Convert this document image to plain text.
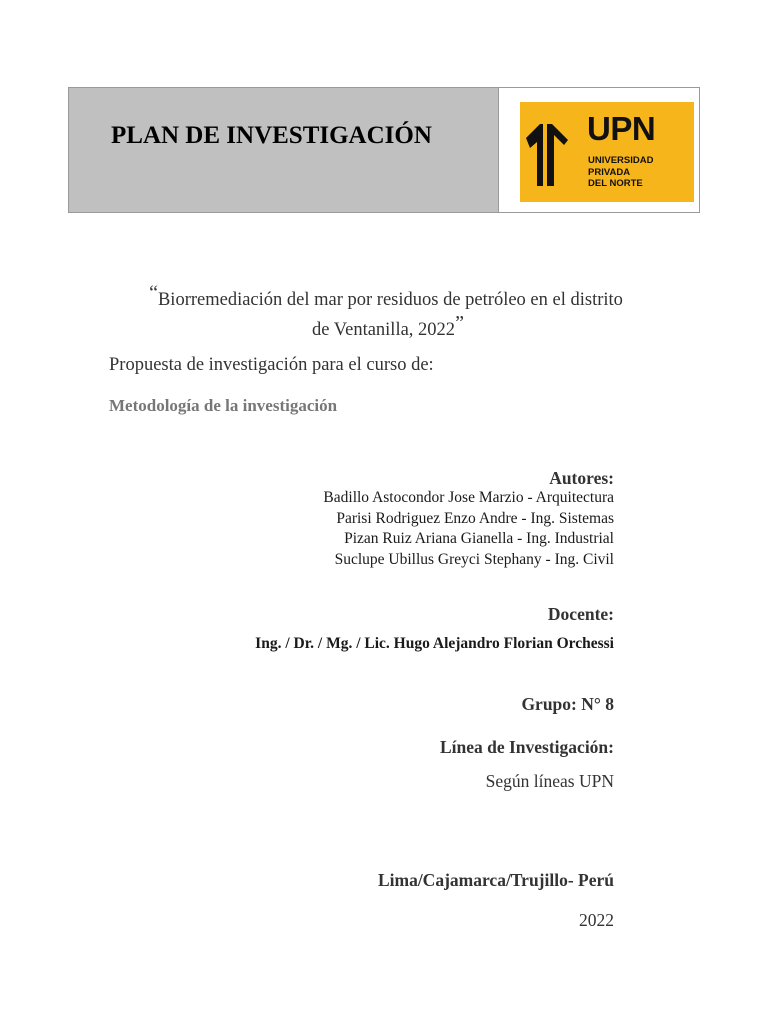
PLAN DE INVESTIGACIÓN	UPN
UNIVERSIDAD
PRIVADA
DEL NORTE
“Biorremediación del mar por residuos de petróleo en el distrito
de Ventanilla, 2022”
Propuesta de investigación para el curso de:
Metodología de la investigación
Autores:
Badillo Astocondor Jose Marzio - Arquitectura
Parisi Rodriguez Enzo Andre - Ing. Sistemas
Pizan Ruiz Ariana Gianella - Ing. Industrial
Suclupe Ubillus Greyci Stephany - Ing. Civil
Docente:
Ing. / Dr. / Mg. / Lic. Hugo Alejandro Florian Orchessi
Grupo: N° 8
Línea de Investigación:
Según líneas UPN
Lima/Cajamarca/Trujillo- Perú
2022
